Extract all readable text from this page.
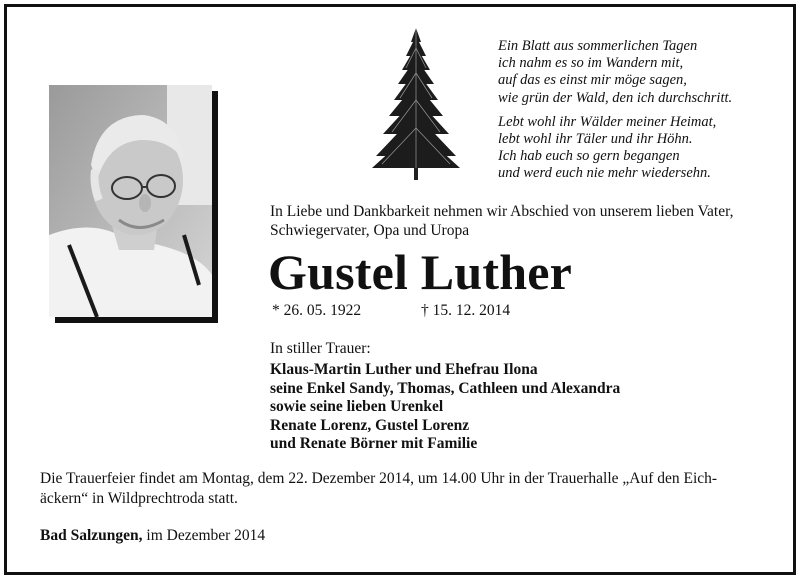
Ein Blatt aus sommerlichen Tagen
ich nahm es so im Wandern mit,
auf das es einst mir möge sagen,
wie grün der Wald, den ich durchschritt.
Lebt wohl ihr Wälder meiner Heimat,
lebt wohl ihr Täler und ihr Höhn.
Ich hab euch so gern begangen
und werd euch nie mehr wiedersehn.
In Liebe und Dankbarkeit nehmen wir Abschied von unserem lieben Vater,
Schwiegervater, Opa und Uropa
Gustel Luther
* 26. 05. 1922	† 15. 12. 2014
In stiller Trauer:
Klaus-Martin Luther und Ehefrau Ilona
seine Enkel Sandy, Thomas, Cathleen und Alexandra
sowie seine lieben Urenkel
Renate Lorenz, Gustel Lorenz
und Renate Börner mit Familie
Die Trauerfeier findet am Montag, dem 22. Dezember 2014, um 14.00 Uhr in der Trauerhalle „Auf den Eich-
äckern“ in Wildprechtroda statt.
Bad Salzungen, im Dezember 2014
